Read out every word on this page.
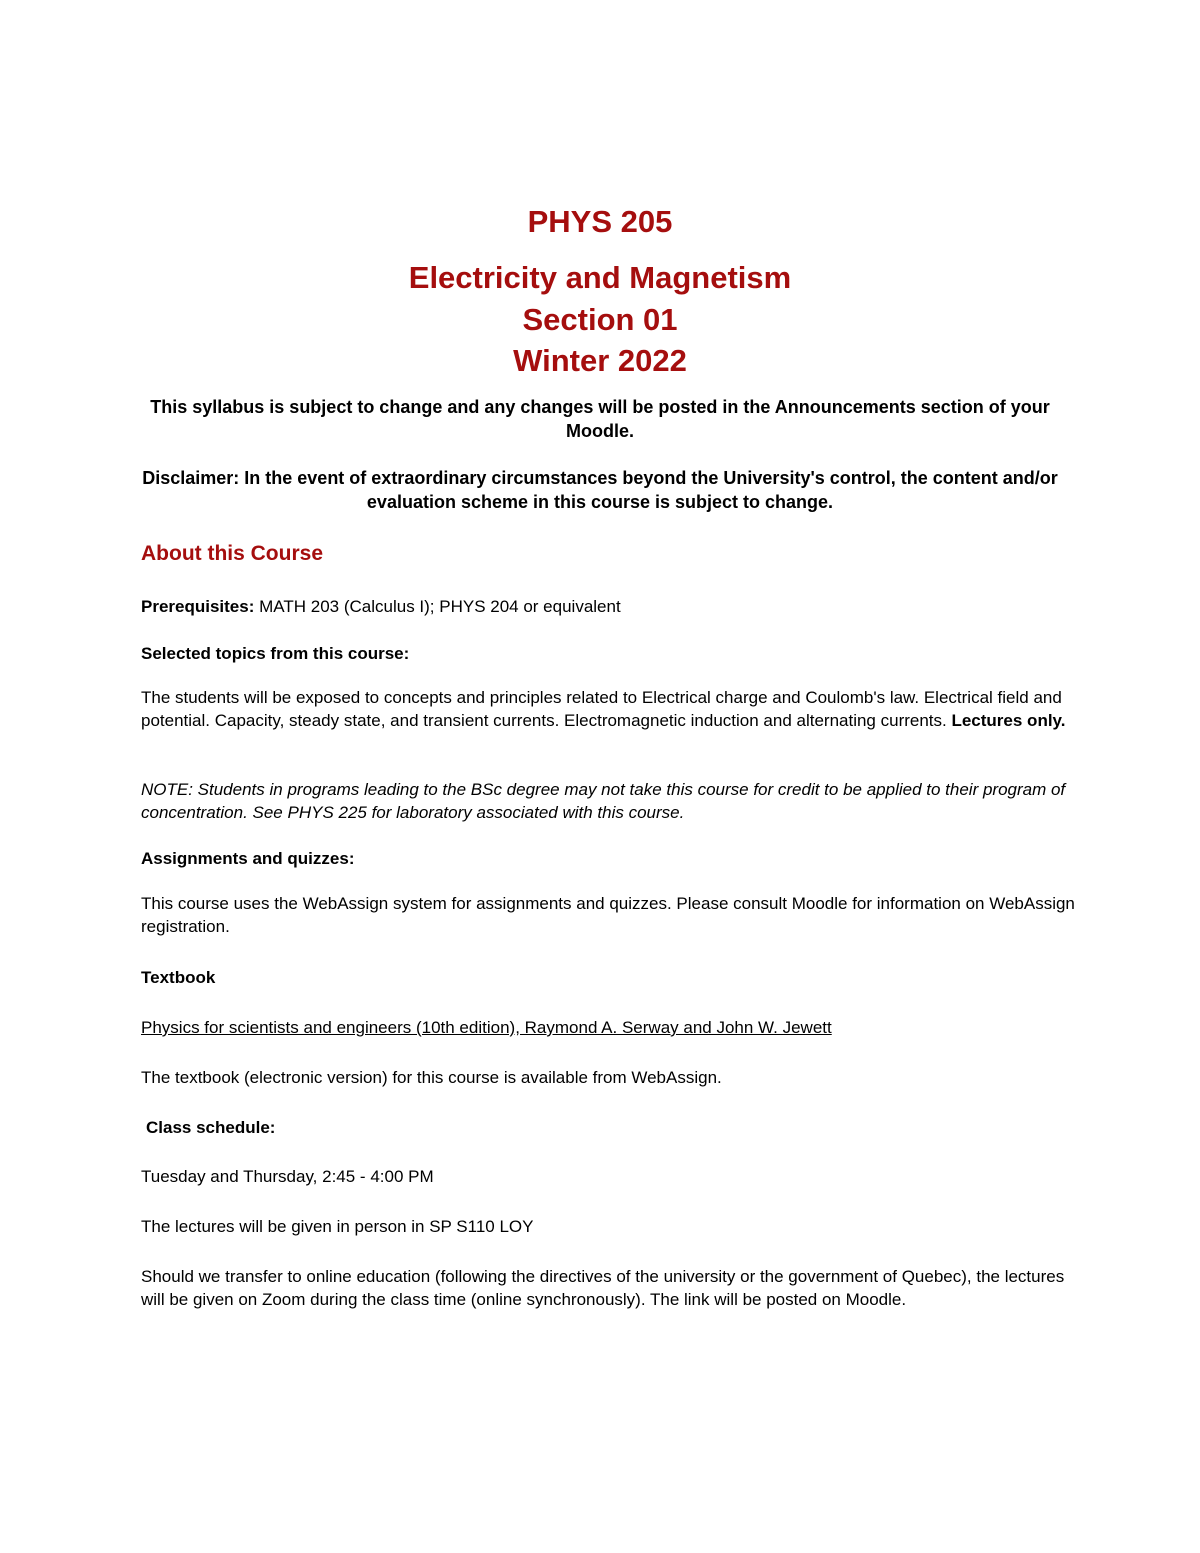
PHYS 205

Electricity and Magnetism

Section 01

Winter 2022

This syllabus is subject to change and any changes will be posted in the Announcements section of your Moodle.

Disclaimer: In the event of extraordinary circumstances beyond the University's control, the content and/or evaluation scheme in this course is subject to change.

About this Course

Prerequisites: MATH 203 (Calculus I); PHYS 204 or equivalent

Selected topics from this course:

The students will be exposed to concepts and principles related to Electrical charge and Coulomb's law. Electrical field and potential. Capacity, steady state, and transient currents. Electromagnetic induction and alternating currents. Lectures only.

NOTE: Students in programs leading to the BSc degree may not take this course for credit to be applied to their program of concentration. See PHYS 225 for laboratory associated with this course.

Assignments and quizzes:

This course uses the WebAssign system for assignments and quizzes. Please consult Moodle for information on WebAssign registration.

Textbook

Physics for scientists and engineers (10th edition), Raymond A. Serway and John W. Jewett

The textbook (electronic version) for this course is available from WebAssign.

Class schedule:

Tuesday and Thursday, 2:45 - 4:00 PM

The lectures will be given in person in SP S110 LOY

Should we transfer to online education (following the directives of the university or the government of Quebec), the lectures will be given on Zoom during the class time (online synchronously). The link will be posted on Moodle.
